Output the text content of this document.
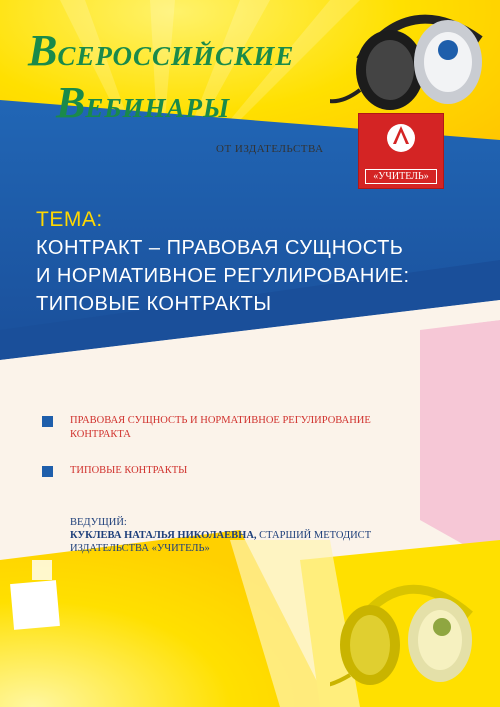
ВСЕРОССИЙСКИЕ
ВЕБИНАРЫ
ОТ ИЗДАТЕЛЬСТВА
«УЧИТЕЛЬ»
ТЕМА:
КОНТРАКТ – ПРАВОВАЯ СУЩНОСТЬ
И НОРМАТИВНОЕ РЕГУЛИРОВАНИЕ:
ТИПОВЫЕ КОНТРАКТЫ
ПРАВОВАЯ СУЩНОСТЬ И НОРМАТИВНОЕ РЕГУЛИРОВАНИЕ
КОНТРАКТА
ТИПОВЫЕ КОНТРАКТЫ
ВЕДУЩИЙ:
КУКЛЕВА НАТАЛЬЯ НИКОЛАЕВНА, СТАРШИЙ МЕТОДИСТ
ИЗДАТЕЛЬСТВА «УЧИТЕЛЬ»
